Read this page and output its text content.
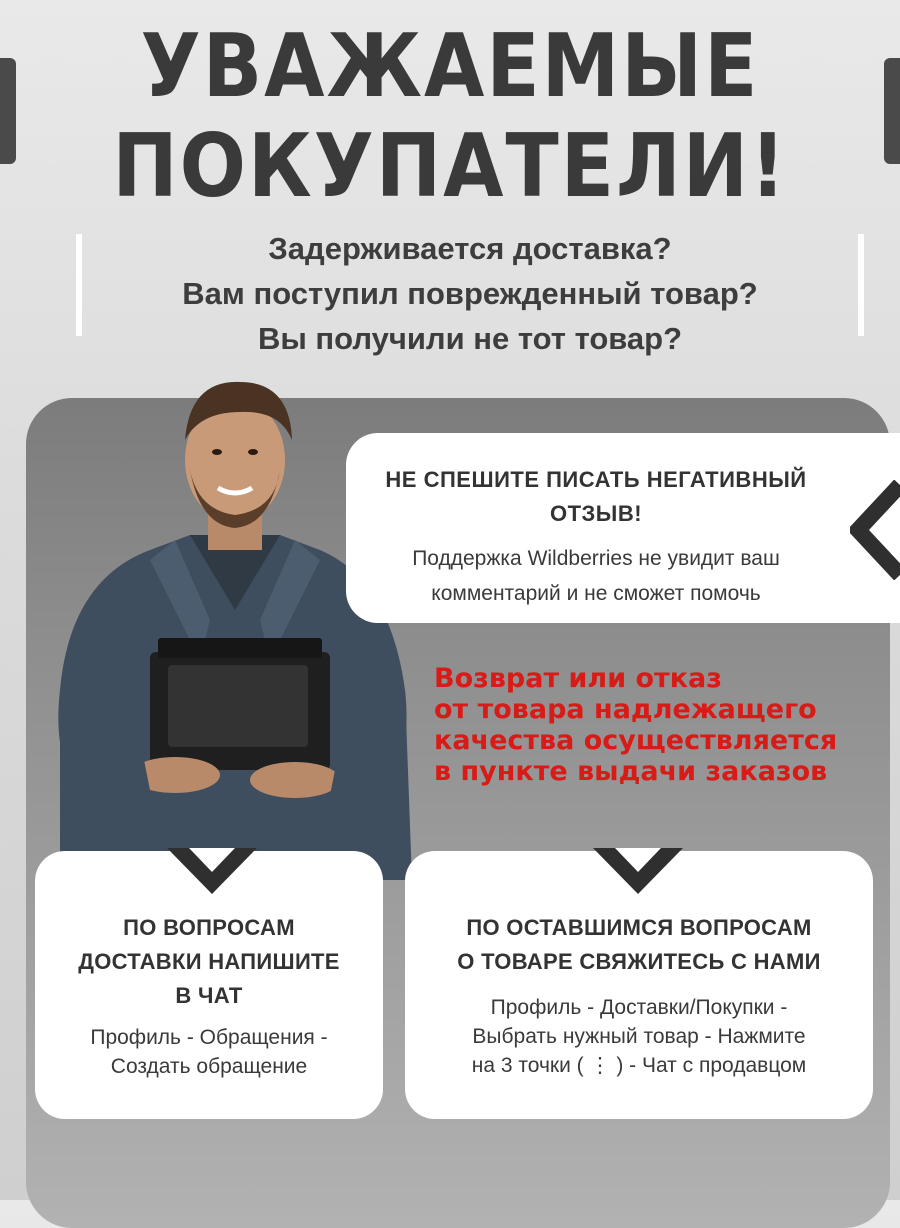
УВАЖАЕМЫЕ
ПОКУПАТЕЛИ!
Задерживается доставка?
Вам поступил поврежденный товар?
Вы получили не тот товар?
НЕ СПЕШИТЕ ПИСАТЬ НЕГАТИВНЫЙ
ОТЗЫВ!
Поддержка Wildberries не увидит ваш
комментарий и не сможет помочь
Возврат или отказ
от товара надлежащего
качества осуществляется
в пункте выдачи заказов
ПО ВОПРОСАМ
ДОСТАВКИ НАПИШИТЕ
В ЧАТ
Профиль - Обращения -
Создать обращение
ПО ОСТАВШИМСЯ ВОПРОСАМ
О ТОВАРЕ СВЯЖИТЕСЬ С НАМИ
Профиль - Доставки/Покупки -
Выбрать нужный товар - Нажмите
на 3 точки ( ⋮ ) - Чат с продавцом
